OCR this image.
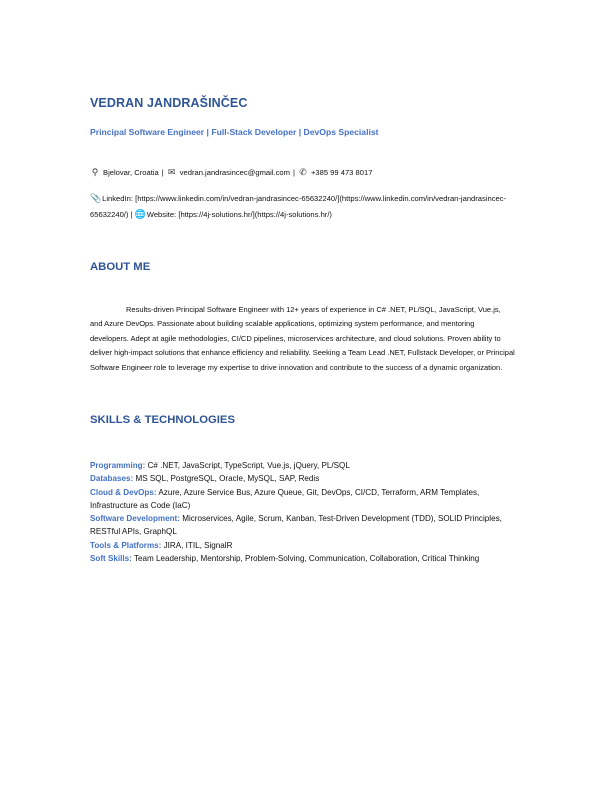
VEDRAN JANDRAŠINČEC
Principal Software Engineer | Full-Stack Developer | DevOps Specialist
⚲ Bjelovar, Croatia | ✉ vedran.jandrasincec@gmail.com | ✆ +385 99 473 8017
📎 LinkedIn: [https://www.linkedin.com/in/vedran-jandrasincec-65632240/](https://www.linkedin.com/in/vedran-jandrasincec-65632240/) | 🌐 Website: [https://4j-solutions.hr/](https://4j-solutions.hr/)
ABOUT ME
Results-driven Principal Software Engineer with 12+ years of experience in C# .NET, PL/SQL, JavaScript, Vue.js, and Azure DevOps. Passionate about building scalable applications, optimizing system performance, and mentoring developers. Adept at agile methodologies, CI/CD pipelines, microservices architecture, and cloud solutions. Proven ability to deliver high-impact solutions that enhance efficiency and reliability. Seeking a Team Lead .NET, Fullstack Developer, or Principal Software Engineer role to leverage my expertise to drive innovation and contribute to the success of a dynamic organization.
SKILLS & TECHNOLOGIES
Programming: C# .NET, JavaScript, TypeScript, Vue.js, jQuery, PL/SQL
Databases: MS SQL, PostgreSQL, Oracle, MySQL, SAP, Redis
Cloud & DevOps: Azure, Azure Service Bus, Azure Queue, Git, DevOps, CI/CD, Terraform, ARM Templates, Infrastructure as Code (IaC)
Software Development: Microservices, Agile, Scrum, Kanban, Test-Driven Development (TDD), SOLID Principles, RESTful APIs, GraphQL
Tools & Platforms: JIRA, ITIL, SignalR
Soft Skills: Team Leadership, Mentorship, Problem-Solving, Communication, Collaboration, Critical Thinking
